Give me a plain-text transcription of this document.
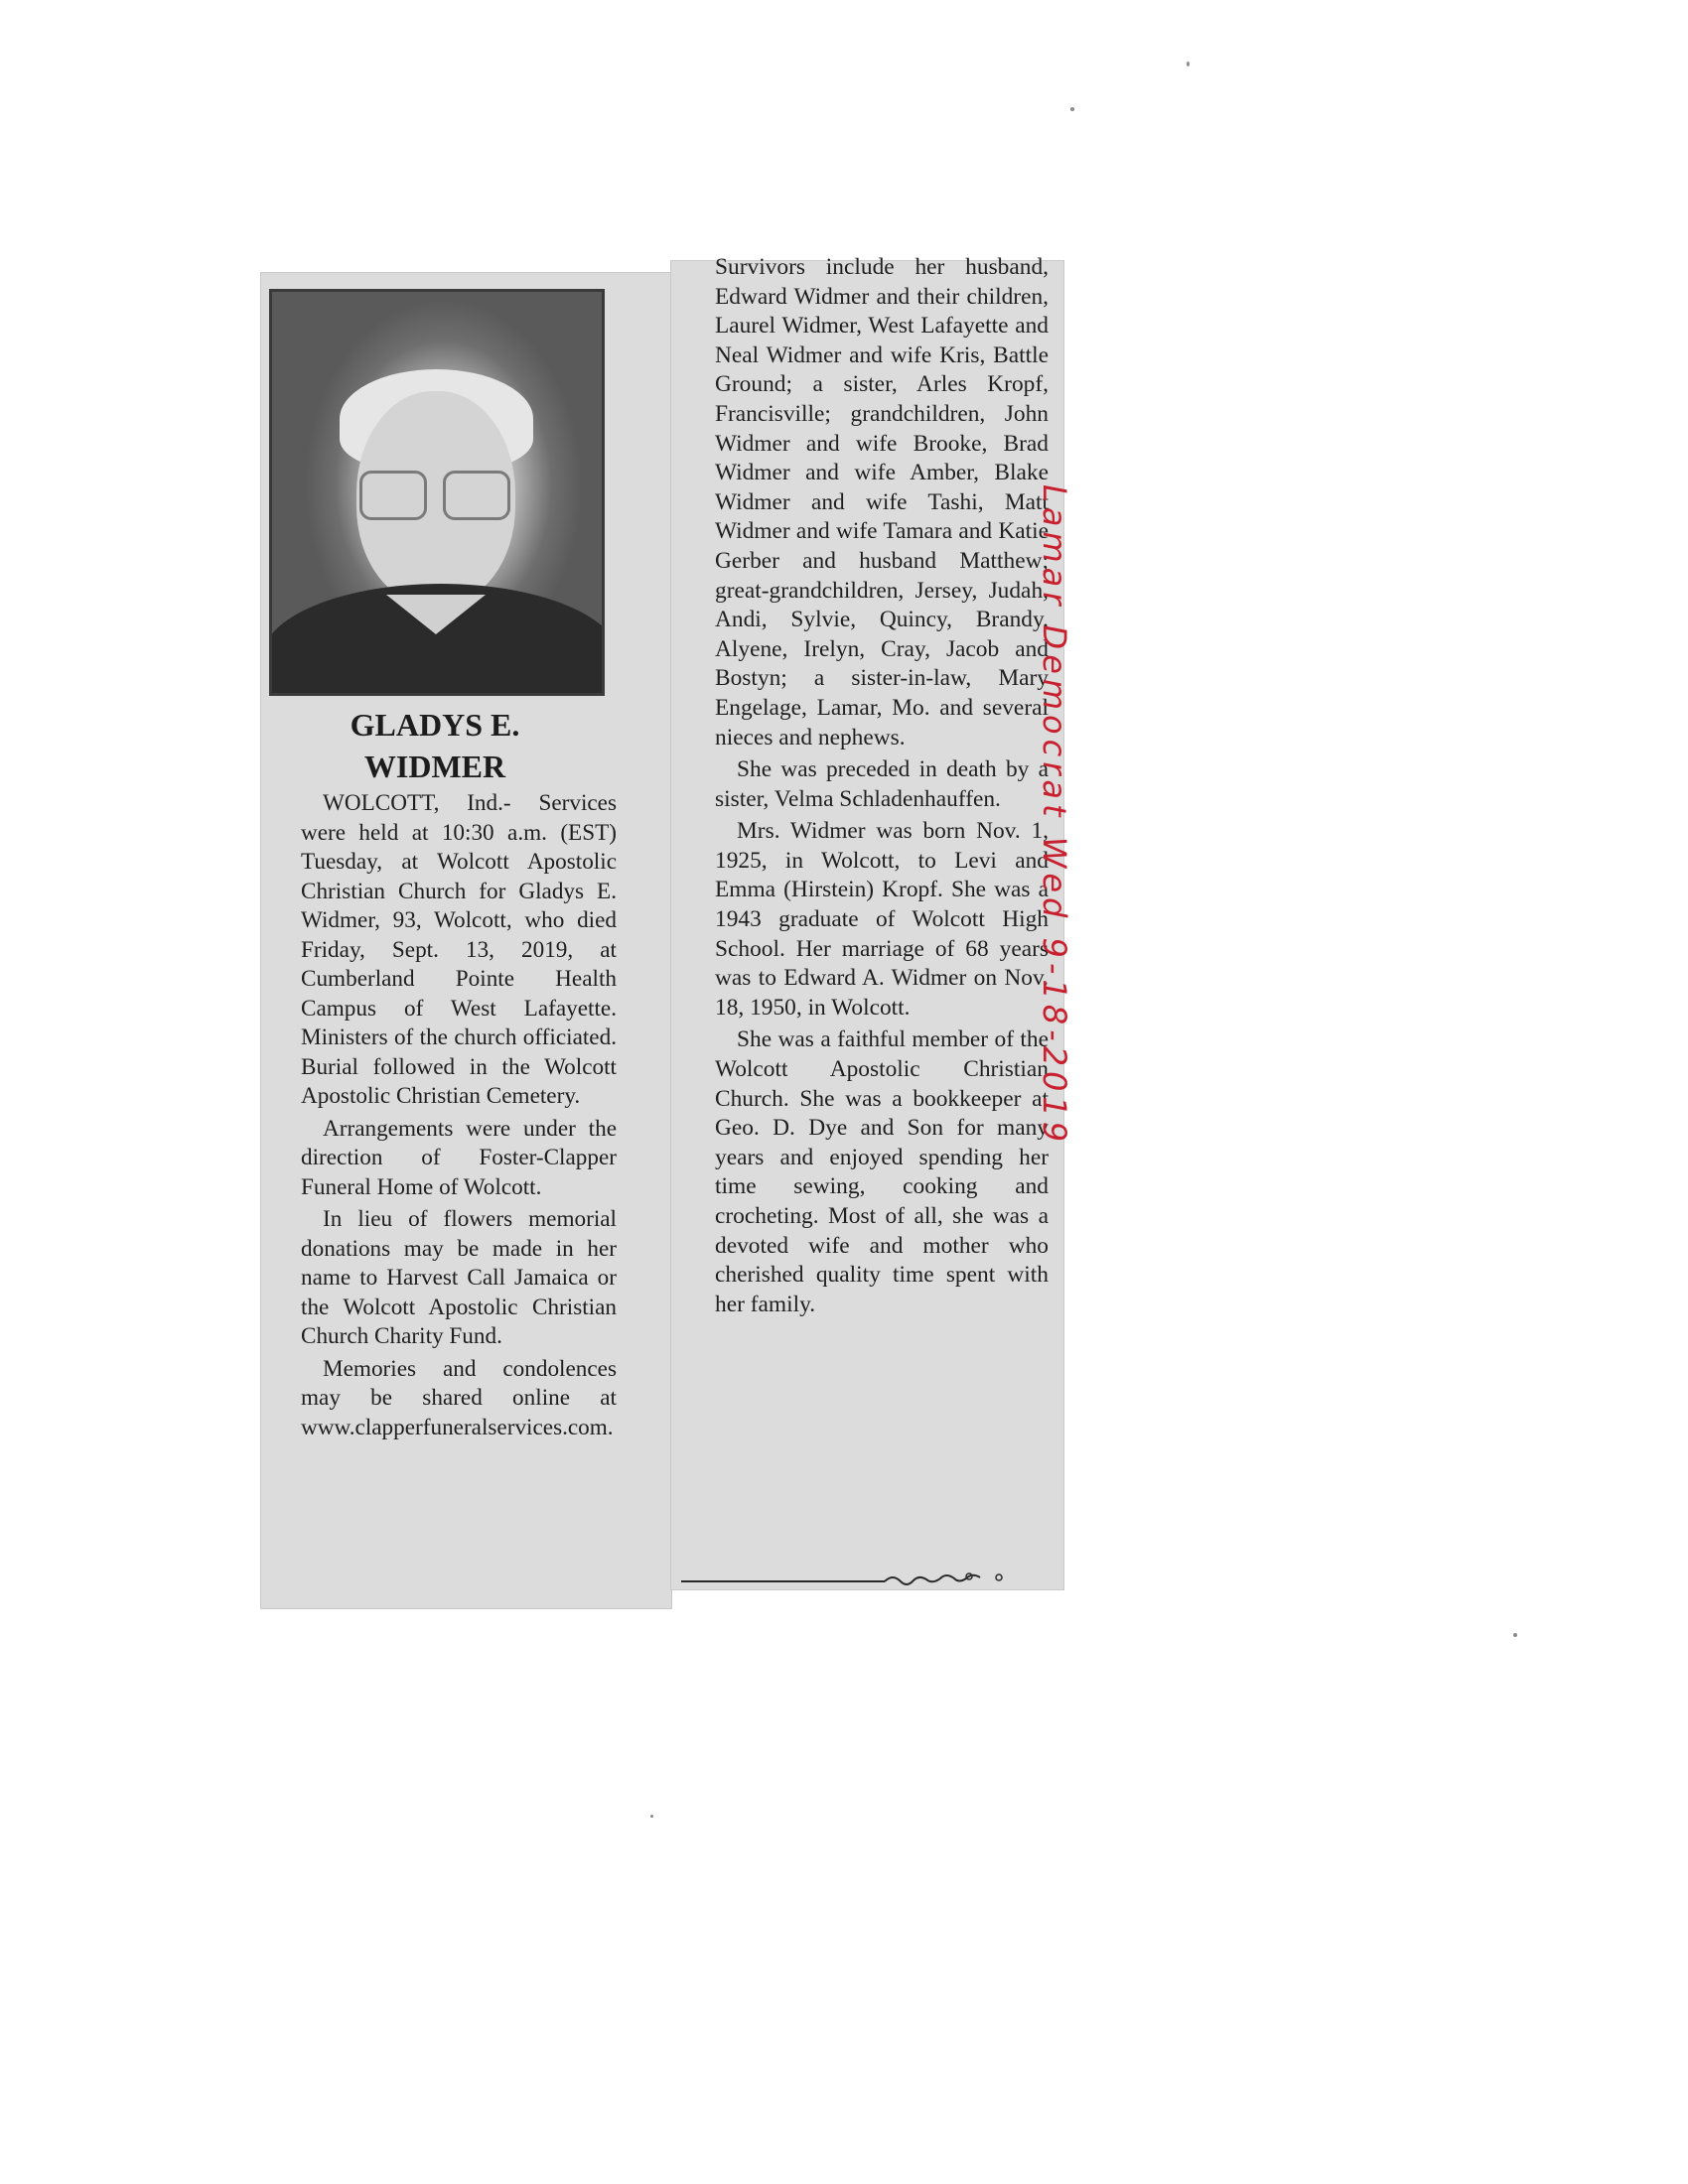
GLADYS E.
WIDMER

WOLCOTT, Ind.- Services were held at 10:30 a.m. (EST) Tuesday, at Wolcott Apostolic Christian Church for Gladys E. Widmer, 93, Wolcott, who died Friday, Sept. 13, 2019, at Cumberland Pointe Health Campus of West Lafayette. Ministers of the church officiated. Burial followed in the Wolcott Apostolic Christian Cemetery.

Arrangements were under the direction of Foster-Clapper Funeral Home of Wolcott.

In lieu of flowers memorial donations may be made in her name to Harvest Call Jamaica or the Wolcott Apostolic Christian Church Charity Fund.

Memories and condolences may be shared online at www.clapperfuneralservices.com.

Survivors include her husband, Edward Widmer and their children, Laurel Widmer, West Lafayette and Neal Widmer and wife Kris, Battle Ground; a sister, Arles Kropf, Francisville; grandchildren, John Widmer and wife Brooke, Brad Widmer and wife Amber, Blake Widmer and wife Tashi, Matt Widmer and wife Tamara and Katie Gerber and husband Matthew; great-grandchildren, Jersey, Judah, Andi, Sylvie, Quincy, Brandy, Alyene, Irelyn, Cray, Jacob and Bostyn; a sister-in-law, Mary Engelage, Lamar, Mo. and several nieces and nephews.

She was preceded in death by a sister, Velma Schladenhauffen.

Mrs. Widmer was born Nov. 1, 1925, in Wolcott, to Levi and Emma (Hirstein) Kropf. She was a 1943 graduate of Wolcott High School. Her marriage of 68 years was to Edward A. Widmer on Nov. 18, 1950, in Wolcott.

She was a faithful member of the Wolcott Apostolic Christian Church. She was a bookkeeper at Geo. D. Dye and Son for many years and enjoyed spending her time sewing, cooking and crocheting. Most of all, she was a devoted wife and mother who cherished quality time spent with her family.

Lamar Democrat Wed 9-18-2019
